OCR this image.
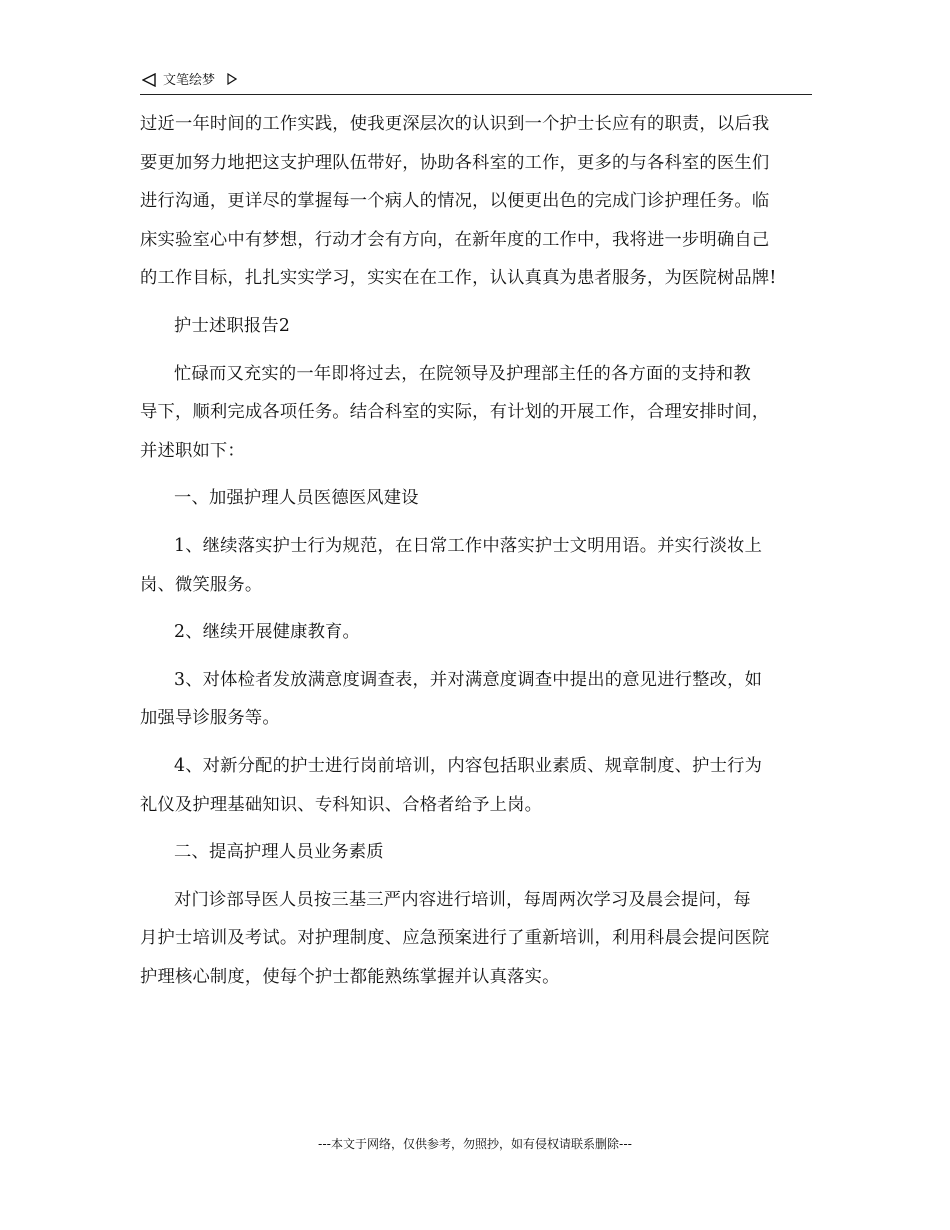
文笔绘梦

过近一年时间的工作实践，使我更深层次的认识到一个护士长应有的职责，以后我

要更加努力地把这支护理队伍带好，协助各科室的工作，更多的与各科室的医生们

进行沟通，更详尽的掌握每一个病人的情况，以便更出色的完成门诊护理任务。临

床实验室心中有梦想，行动才会有方向，在新年度的工作中，我将进一步明确自己

的工作目标，扎扎实实学习，实实在在工作，认认真真为患者服务，为医院树品牌!

护士述职报告2

忙碌而又充实的一年即将过去，在院领导及护理部主任的各方面的支持和教

导下，顺利完成各项任务。结合科室的实际，有计划的开展工作，合理安排时间，

并述职如下：

一、加强护理人员医德医风建设

1、继续落实护士行为规范，在日常工作中落实护士文明用语。并实行淡妆上

岗、微笑服务。

2、继续开展健康教育。

3、对体检者发放满意度调查表，并对满意度调查中提出的意见进行整改，如

加强导诊服务等。

4、对新分配的护士进行岗前培训，内容包括职业素质、规章制度、护士行为

礼仪及护理基础知识、专科知识、合格者给予上岗。

二、提高护理人员业务素质

对门诊部导医人员按三基三严内容进行培训，每周两次学习及晨会提问，每

月护士培训及考试。对护理制度、应急预案进行了重新培训，利用科晨会提问医院

护理核心制度，使每个护士都能熟练掌握并认真落实。

---本文于网络，仅供参考，勿照抄，如有侵权请联系删除---
